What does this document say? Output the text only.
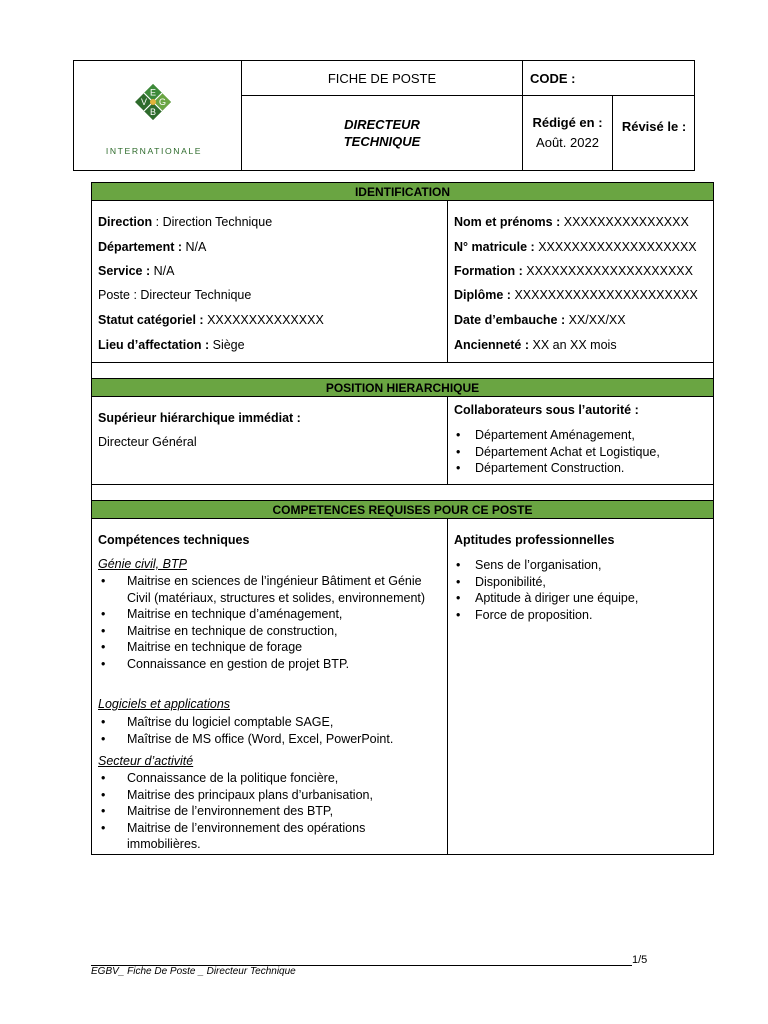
E
V G
B
INTERNATIONALE
FICHE DE POSTE	CODE :
DIRECTEUR
TECHNIQUE
Rédigé en :
Août. 2022
Révisé le :
IDENTIFICATION
POSITION HIERARCHIQUE
COMPETENCES REQUISES POUR CE POSTE
Direction : Direction Technique
Département : N/A
Service : N/A
Poste : Directeur Technique
Statut catégoriel : XXXXXXXXXXXXXX
Lieu d’affectation : Siège
Nom et prénoms : XXXXXXXXXXXXXXX
N° matricule : XXXXXXXXXXXXXXXXXXX
Formation : XXXXXXXXXXXXXXXXXXXX
Diplôme : XXXXXXXXXXXXXXXXXXXXXX
Date d’embauche : XX/XX/XX
Ancienneté : XX an XX mois
Supérieur hiérarchique immédiat :
Directeur Général
Collaborateurs sous l’autorité :
• Département Aménagement,
• Département Achat et Logistique,
• Département Construction.
Compétences techniques
Génie civil, BTP
• Maitrise en sciences de l’ingénieur Bâtiment et Génie Civil (matériaux, structures et solides, environnement)
• Maitrise en technique d’aménagement,
• Maitrise en technique de construction,
• Maitrise en technique de forage
• Connaissance en gestion de projet BTP.
Logiciels et applications
• Maîtrise du logiciel comptable SAGE,
• Maîtrise de MS office (Word, Excel, PowerPoint.
Secteur d’activité
• Connaissance de la politique foncière,
• Maitrise des principaux plans d’urbanisation,
• Maitrise de l’environnement des BTP,
• Maitrise de l’environnement des opérations immobilières.
Aptitudes professionnelles
• Sens de l’organisation,
• Disponibilité,
• Aptitude à diriger une équipe,
• Force de proposition.
1/5
EGBV_ Fiche De Poste _ Directeur Technique
